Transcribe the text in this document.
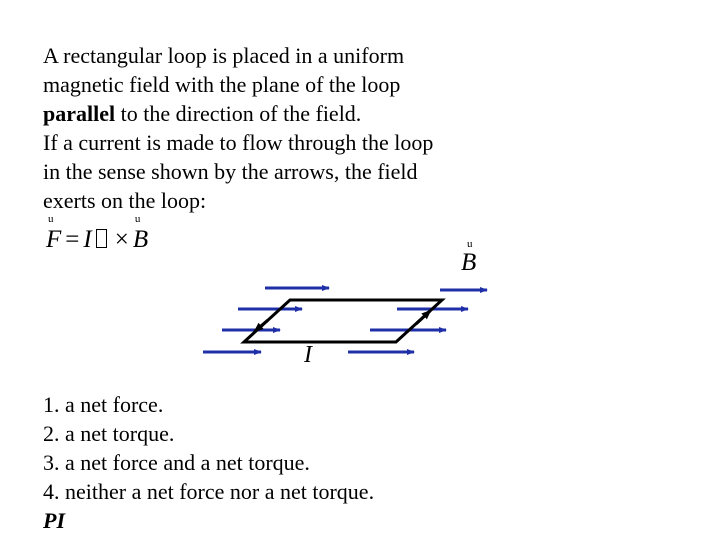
A rectangular loop is placed in a uniform
magnetic field with the plane of the loop
parallel to the direction of the field.
If a current is made to flow through the loop
in the sense shown by the arrows, the field
exerts on the loop:
u
F = I ×
u
B	u
B
I
1. a net force.
2. a net torque.
3. a net force and a net torque.
4. neither a net force nor a net torque.
PI
